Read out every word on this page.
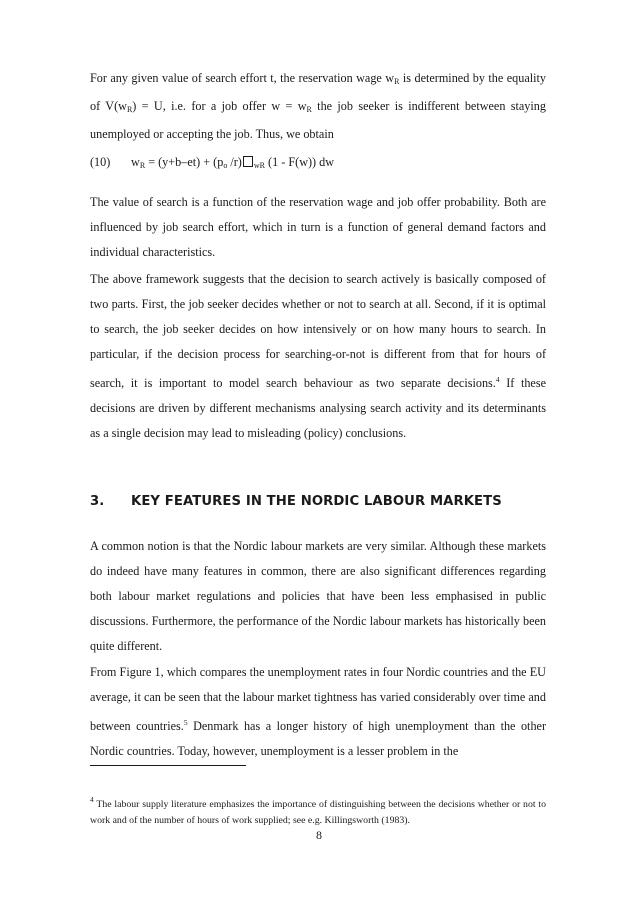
For any given value of search effort t, the reservation wage $w_R$ is determined by the equality of $V(w_R) = U$, i.e. for a job offer $w = w_R$ the job seeker is indifferent between staying unemployed or accepting the job. Thus, we obtain

(10) $w_R = (y+b-et) + (p_o$ /r) $_{wR}$ (1 - F(w)) dw

The value of search is a function of the reservation wage and job offer probability. Both are influenced by job search effort, which in turn is a function of general demand factors and individual characteristics.

The above framework suggests that the decision to search actively is basically composed of two parts. First, the job seeker decides whether or not to search at all. Second, if it is optimal to search, the job seeker decides on how intensively or on how many hours to search. In particular, if the decision process for searching-or-not is different from that for hours of search, it is important to model search behaviour as two separate decisions.$^4$ If these decisions are driven by different mechanisms analysing search activity and its determinants as a single decision may lead to misleading (policy) conclusions.

3. KEY FEATURES IN THE NORDIC LABOUR MARKETS

A common notion is that the Nordic labour markets are very similar. Although these markets do indeed have many features in common, there are also significant differences regarding both labour market regulations and policies that have been less emphasised in public discussions. Furthermore, the performance of the Nordic labour markets has historically been quite different.

From Figure 1, which compares the unemployment rates in four Nordic countries and the EU average, it can be seen that the labour market tightness has varied considerably over time and between countries.$^5$ Denmark has a longer history of high unemployment than the other Nordic countries. Today, however, unemployment is a lesser problem in the

$^4$ The labour supply literature emphasizes the importance of distinguishing between the decisions whether or not to work and of the number of hours of work supplied; see e.g. Killingsworth (1983).

8
